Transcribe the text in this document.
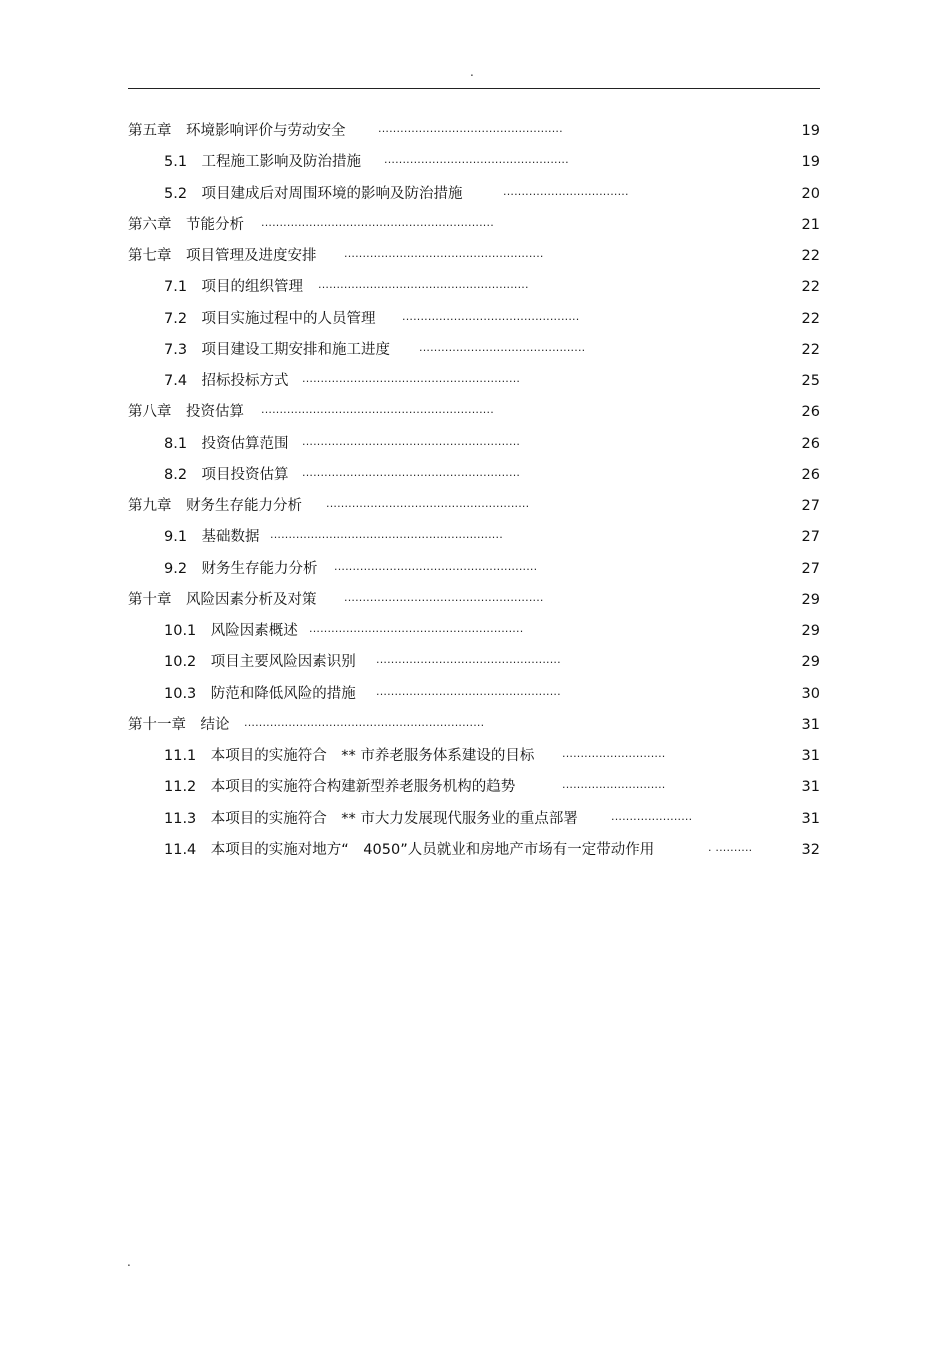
.
第五章　环境影响评价与劳动安全	..................................................	19
5.1　工程施工影响及防治措施 ..................................................	19
5.2　项目建成后对周围环境的影响及防治措施	..................................	20
第六章　节能分析 ...............................................................	21
第七章　项目管理及进度安排	......................................................	22
7.1　项目的组织管理 .........................................................	22
7.2　项目实施过程中的人员管理 ................................................	22
7.3　项目建设工期安排和施工进度	.............................................	22
7.4　招标投标方式 ...........................................................	25
第八章　投资估算 ...............................................................	26
8.1　投资估算范围 ...........................................................	26
8.2　项目投资估算 ...........................................................	26
第九章　财务生存能力分析 .......................................................	27
9.1　基础数据 ...............................................................	27
9.2　财务生存能力分析 .......................................................	27
第十章　风险因素分析及对策	......................................................	29
10.1　风险因素概述 ..........................................................	29
10.2　项目主要风险因素识别 ..................................................	29
10.3　防范和降低风险的措施 ..................................................	30
第十一章　结论 .................................................................	31
11.1　本项目的实施符合　** 市养老服务体系建设的目标	............................	31
11.2　本项目的实施符合构建新型养老服务机构的趋势	............................	31
11.3　本项目的实施符合　** 市大力发展现代服务业的重点部署	......................	31
11.4　本项目的实施对地方“　4050”人员就业和房地产市场有一定带动作用	. ..........	32
.
